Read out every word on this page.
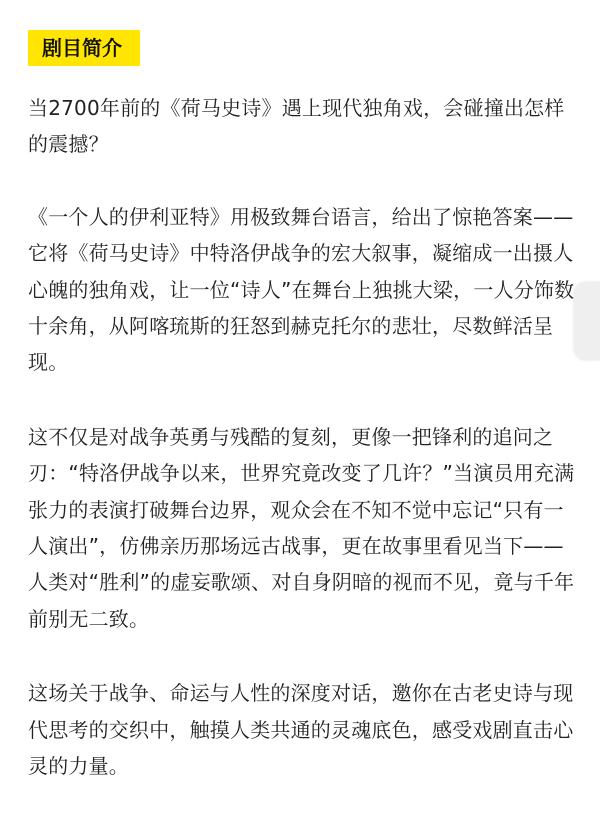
剧目简介

当2700年前的《荷马史诗》遇上现代独角戏，会碰撞出怎样的震撼？

《一个人的伊利亚特》用极致舞台语言，给出了惊艳答案——它将《荷马史诗》中特洛伊战争的宏大叙事，凝缩成一出摄人心魄的独角戏，让一位“诗人”在舞台上独挑大梁，一人分饰数十余角，从阿喀琉斯的狂怒到赫克托尔的悲壮，尽数鲜活呈现。

这不仅是对战争英勇与残酷的复刻，更像一把锋利的追问之刃：“特洛伊战争以来，世界究竟改变了几许？”当演员用充满张力的表演打破舞台边界，观众会在不知不觉中忘记“只有一人演出”，仿佛亲历那场远古战事，更在故事里看见当下——人类对“胜利”的虚妄歌颂、对自身阴暗的视而不见，竟与千年前别无二致。

这场关于战争、命运与人性的深度对话，邀你在古老史诗与现代思考的交织中，触摸人类共通的灵魂底色，感受戏剧直击心灵的力量。
